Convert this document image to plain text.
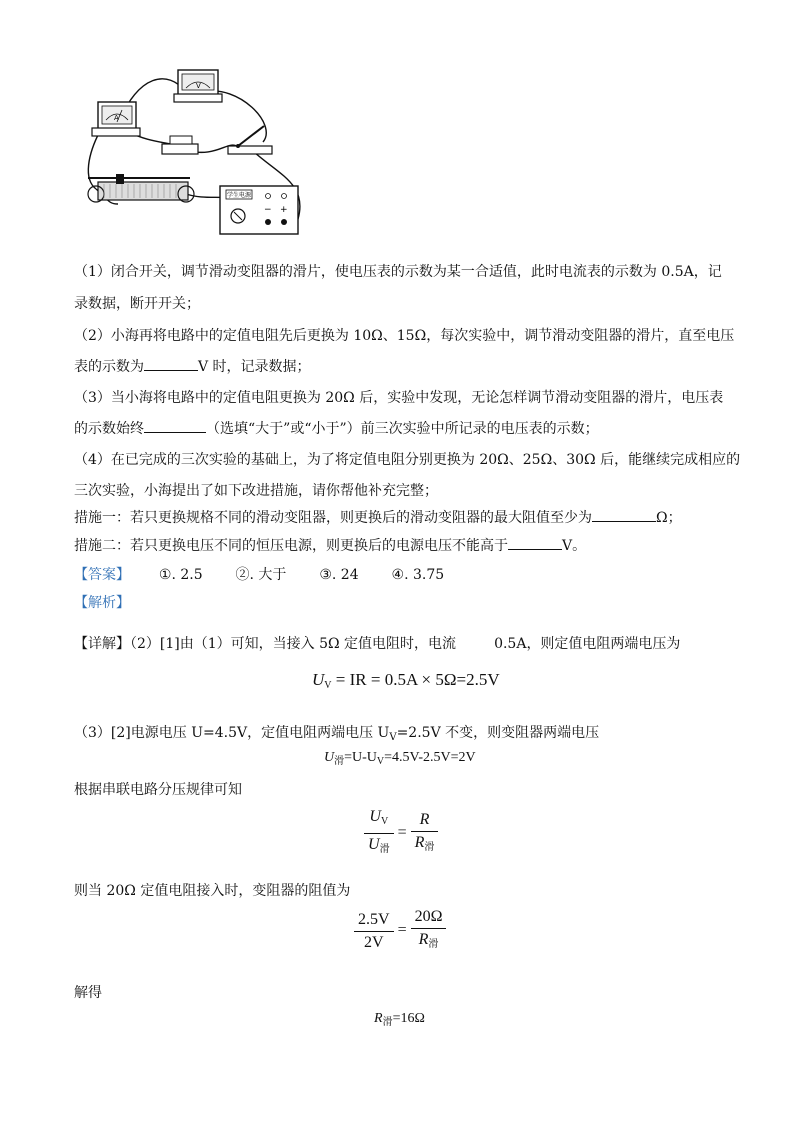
A
V
学生电源
− +
（1）闭合开关，调节滑动变阻器的滑片，使电压表的示数为某一合适值，此时电流表的示数为 0.5A，记
录数据，断开开关；
（2）小海再将电路中的定值电阻先后更换为 10Ω、15Ω，每次实验中，调节滑动变阻器的滑片，直至电压
表的示数为	V 时，记录数据；
（3）当小海将电路中的定值电阻更换为 20Ω 后，实验中发现，无论怎样调节滑动变阻器的滑片，电压表
的示数始终	（选填“大于”或“小于”）前三次实验中所记录的电压表的示数；
（4）在已完成的三次实验的基础上，为了将定值电阻分别更换为 20Ω、25Ω、30Ω 后，能继续完成相应的
三次实验，小海提出了如下改进措施，请你帮他补充完整；
措施一：若只更换规格不同的滑动变阻器，则更换后的滑动变阻器的最大阻值至少为	Ω；
措施二：若只更换电压不同的恒压电源，则更换后的电源电压不能高于	V。
【答案】 ①. 2.5 ②. 大于 ③. 24 ④. 3.75
【解析】
【详解】（2）[1]由（1）可知，当接入 5Ω 定值电阻时，电流	0.5A，则定值电阻两端电压为
$U_V$ = IR = 0.5A × 5Ω=2.5V
（3）[2]电源电压 U=4.5V，定值电阻两端电压 $U_V=2.5V$ 不变，则变阻器两端电压
$U_滑=U-U_V=4.5V-2.5V=2V$
根据串联电路分压规律可知
$\frac{U_V}{U_滑} = \frac{R}{R_滑}$
则当 20Ω 定值电阻接入时，变阻器的阻值为
$\frac{2.5V}{2V} = \frac{20\Omega}{R_滑}$
解得
$R_滑=16\Omega$
